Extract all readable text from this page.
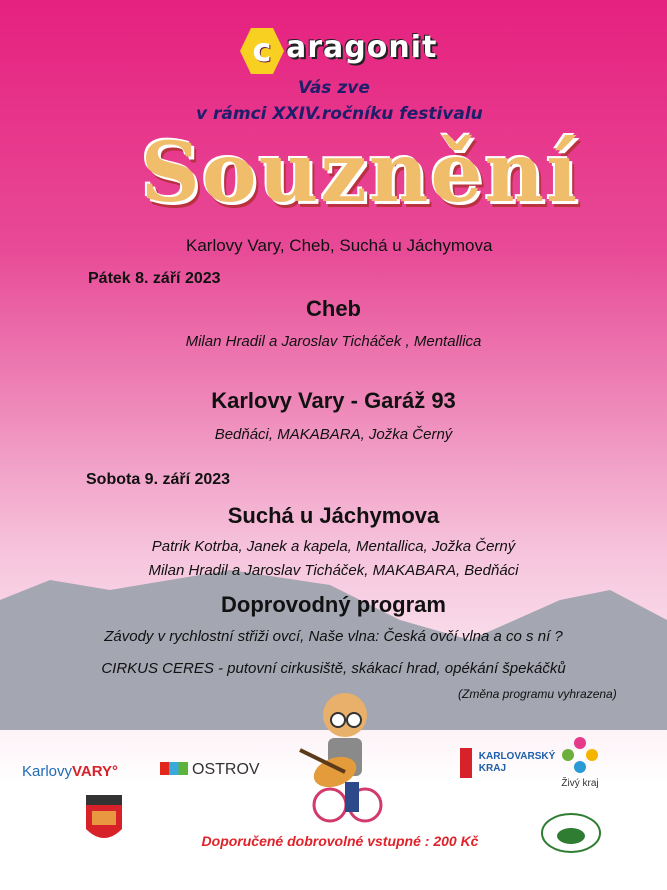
c aragonit
Vás zve
v rámci XXIV.ročníku festivalu
Souznění
Karlovy Vary, Cheb, Suchá u Jáchymova
Pátek 8. září 2023
Cheb
Milan Hradil a Jaroslav Ticháček , Mentallica
Karlovy Vary - Garáž 93
Bedňáci, MAKABARA, Jožka Černý
Sobota 9. září 2023
Suchá u Jáchymova
Patrik Kotrba, Janek a kapela, Mentallica, Jožka Černý
Milan Hradil a Jaroslav Ticháček, MAKABARA, Bedňáci
Doprovodný program
Závody v rychlostní střiži ovcí, Naše vlna: Česká ovčí vlna a co s ní ?
CIRKUS CERES - putovní cirkusiště, skákací hrad, opékání špekáčků
(Změna programu vyhrazena)
KarlovyVARY°	OSTROV
KARLOVARSKÝ
KRAJ
Živý kraj
Doporučené dobrovolné vstupné : 200 Kč
